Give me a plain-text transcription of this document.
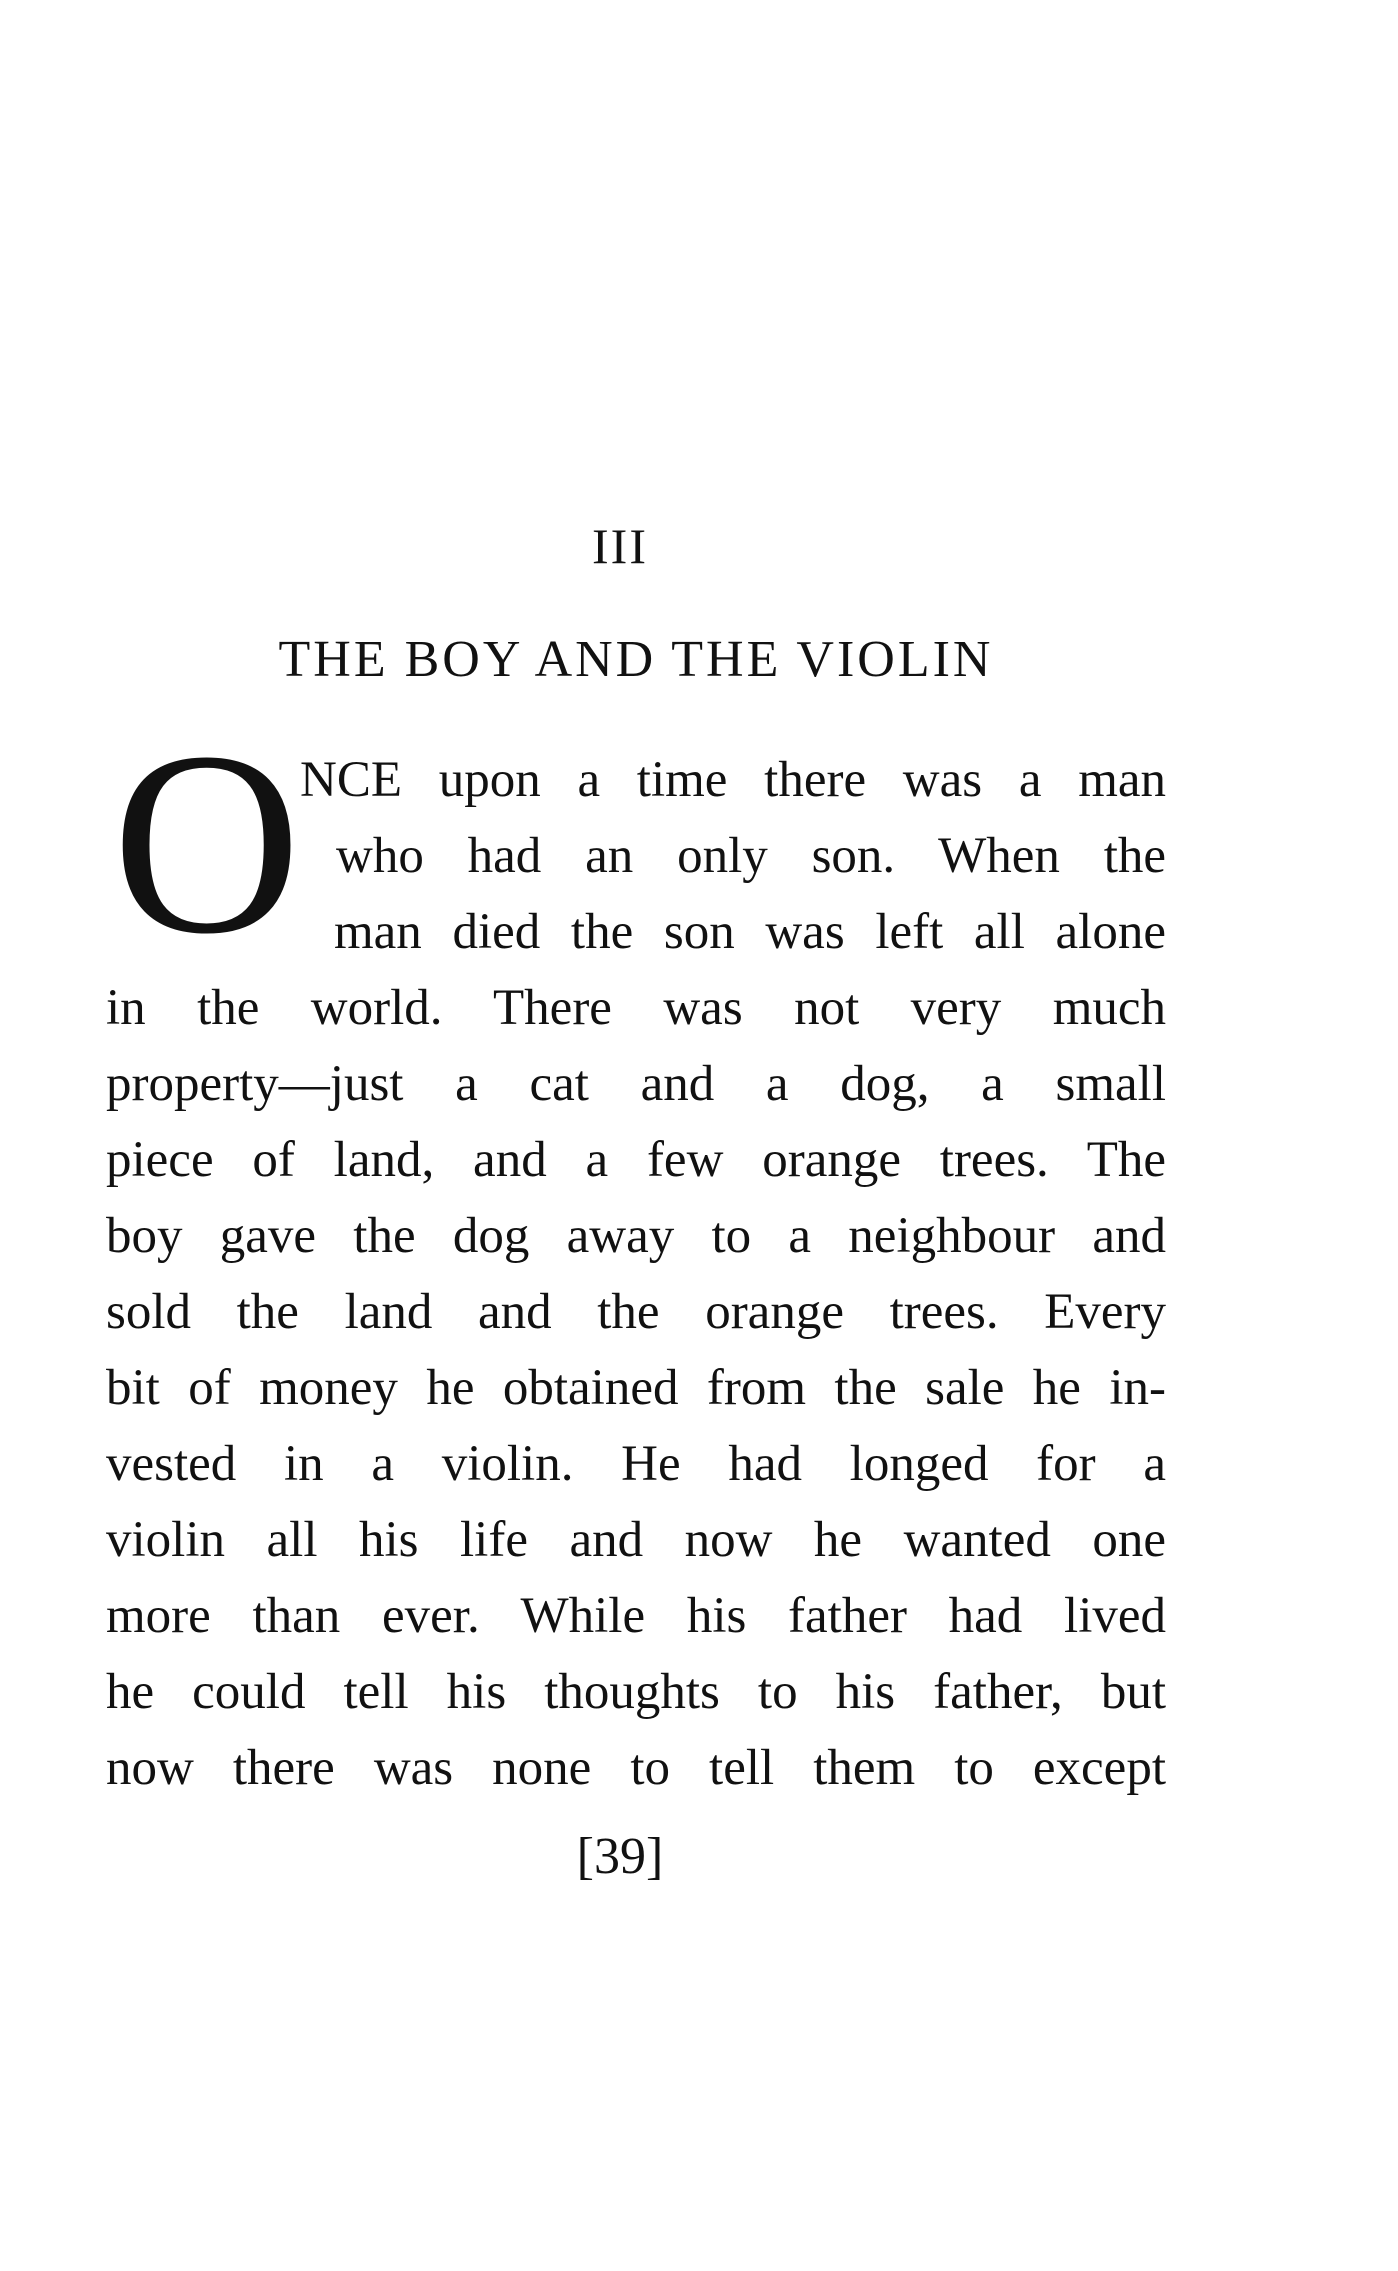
III
THE BOY AND THE VIOLIN
O
NCE upon a time there was a man
who had an only son. When the
man died the son was left all alone
in the world. There was not very much
property—just a cat and a dog, a small
piece of land, and a few orange trees. The
boy gave the dog away to a neighbour and
sold the land and the orange trees. Every
bit of money he obtained from the sale he in-
vested in a violin. He had longed for a
violin all his life and now he wanted one
more than ever. While his father had lived
he could tell his thoughts to his father, but
now there was none to tell them to except
[39]
